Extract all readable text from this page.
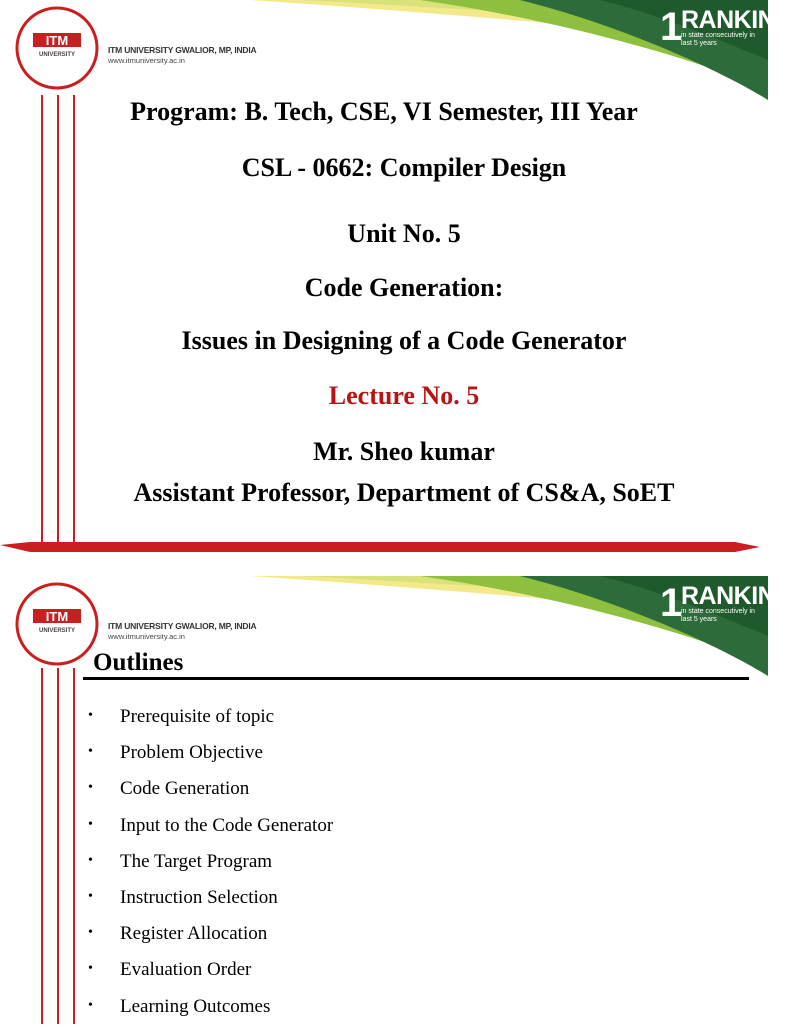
ITM
UNIVERSITY
1
ITM UNIVERSITY GWALIOR, MP, INDIA
www.itmuniversity.ac.in
RANKING
in state consecutively in last 5 years
Program: B. Tech, CSE, VI Semester, III Year
CSL - 0662: Compiler Design
Unit No. 5
Code Generation:
Issues in Designing of a Code Generator
Lecture No. 5
Mr. Sheo kumar
Assistant Professor, Department of CS&A, SoET
ITM
UNIVERSITY
1
ITM UNIVERSITY GWALIOR, MP, INDIA
www.itmuniversity.ac.in
RANKING
in state consecutively in last 5 years
Outlines
•	Prerequisite of topic
•	Problem Objective
•	Code Generation
•	Input to the Code Generator
•	The Target Program
•	Instruction Selection
•	Register Allocation
•	Evaluation Order
•	Learning Outcomes
